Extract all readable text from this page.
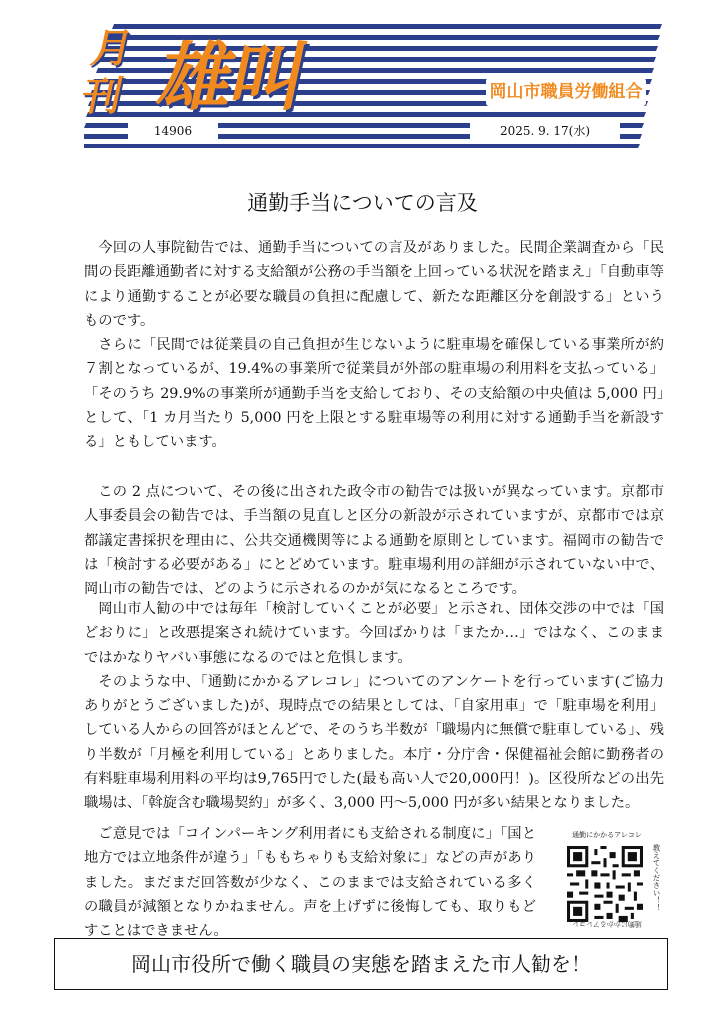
月刊 雄叫	岡山市職員労働組合
14906	2025. 9. 17(水)
通勤手当についての言及

今回の人事院勧告では、通勤手当についての言及がありました。民間企業調査から「民間の長距離通勤者に対する支給額が公務の手当額を上回っている状況を踏まえ」「自動車等により通勤することが必要な職員の負担に配慮して、新たな距離区分を創設する」というものです。

さらに「民間では従業員の自己負担が生じないように駐車場を確保している事業所が約７割となっているが、19.4%の事業所で従業員が外部の駐車場の利用料を支払っている」「そのうち 29.9%の事業所が通勤手当を支給しており、その支給額の中央値は 5,000 円」として、「1 カ月当たり 5,000 円を上限とする駐車場等の利用に対する通勤手当を新設する」ともしています。

この 2 点について、その後に出された政令市の勧告では扱いが異なっています。京都市人事委員会の勧告では、手当額の見直しと区分の新設が示されていますが、京都市では京都議定書採択を理由に、公共交通機関等による通勤を原則としています。福岡市の勧告では「検討する必要がある」にとどめています。駐車場利用の詳細が示されていない中で、岡山市の勧告では、どのように示されるのかが気になるところです。

岡山市人勧の中では毎年「検討していくことが必要」と示され、団体交渉の中では「国どおりに」と改悪提案され続けています。今回ばかりは「またか…」ではなく、このままではかなりヤバい事態になるのではと危惧します。

そのような中、「通勤にかかるアレコレ」についてのアンケートを行っています(ご協力ありがとうございました)が、現時点での結果としては、「自家用車」で「駐車場を利用」している人からの回答がほとんどで、そのうち半数が「職場内に無償で駐車している」、残り半数が「月極を利用している」とありました。本庁・分庁舎・保健福祉会館に勤務者の有料駐車場利用料の平均は9,765円でした(最も高い人で20,000円！)。区役所などの出先職場は、「斡旋含む職場契約」が多く、3,000 円～5,000 円が多い結果となりました。

ご意見では「コインパーキング利用者にも支給される制度に」「国と地方では立地条件が違う」「ももちゃりも支給対象に」などの声がありました。まだまだ回答数が少なく、このままでは支給されている多くの職員が減額となりかねません。声を上げずに後悔しても、取りもどすことはできません。

通勤にかかるアレコレ
教えてください！！
通勤にかかるアレコレ
岡山市役所で働く職員の実態を踏まえた市人勧を！
